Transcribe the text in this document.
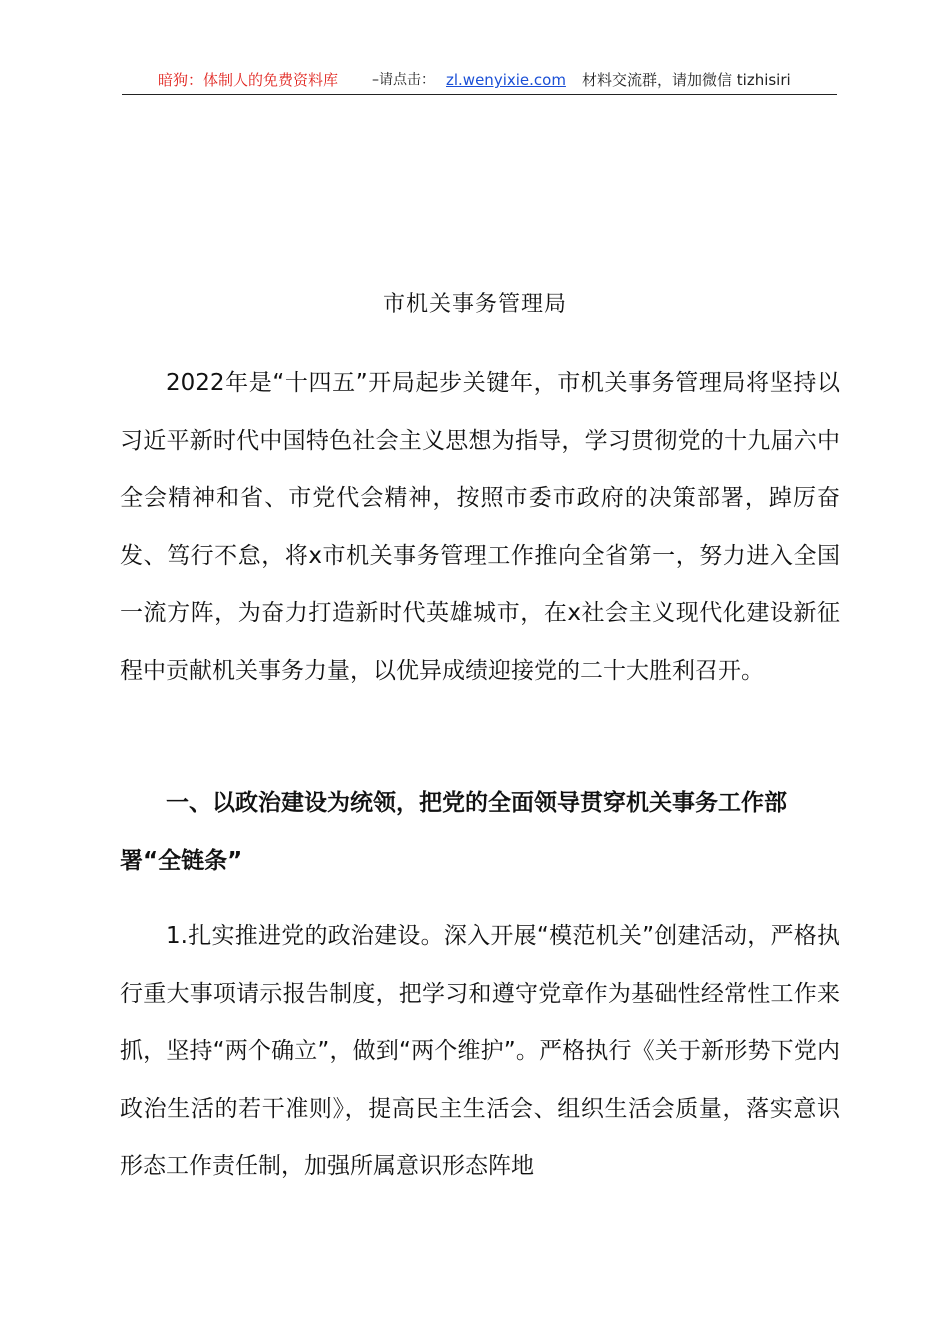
暗狗：体制人的免费资料库 –请点击： zl.wenyixie.com 材料交流群，请加微信 tizhisiri
市机关事务管理局

2022年是“十四五”开局起步关键年，市机关事务管理局将坚持以习近平新时代中国特色社会主义思想为指导，学习贯彻党的十九届六中全会精神和省、市党代会精神，按照市委市政府的决策部署，踔厉奋发、笃行不怠，将x市机关事务管理工作推向全省第一，努力进入全国一流方阵，为奋力打造新时代英雄城市，在x社会主义现代化建设新征程中贡献机关事务力量，以优异成绩迎接党的二十大胜利召开。

一、以政治建设为统领，把党的全面领导贯穿机关事务工作部署“全链条”

1.扎实推进党的政治建设。深入开展“模范机关”创建活动，严格执行重大事项请示报告制度，把学习和遵守党章作为基础性经常性工作来抓，坚持“两个确立”，做到“两个维护”。严格执行《关于新形势下党内政治生活的若干准则》，提高民主生活会、组织生活会质量，落实意识形态工作责任制，加强所属意识形态阵地
